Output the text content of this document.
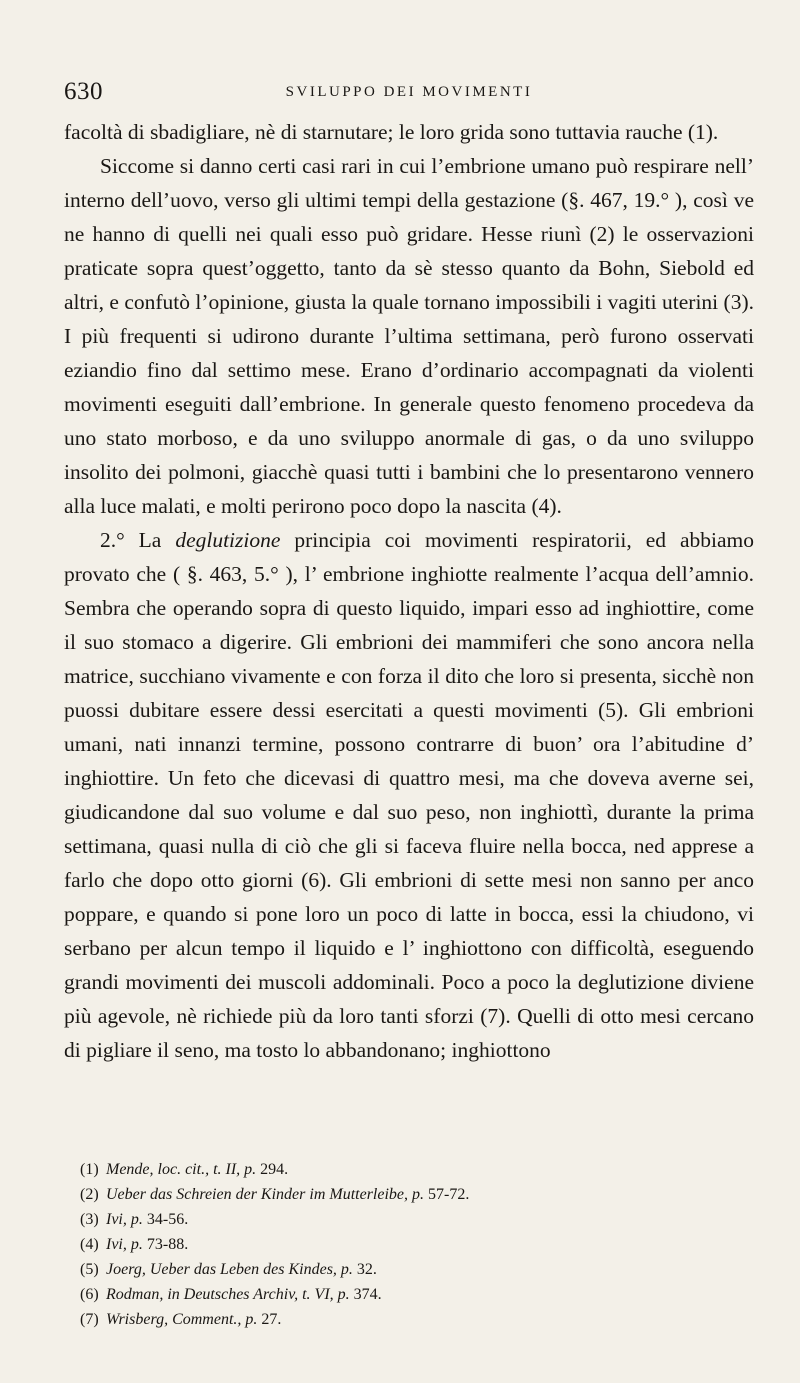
630	SVILUPPO DEI MOVIMENTI

facoltà di sbadigliare, nè di starnutare; le loro grida sono tuttavia rauche (1).

Siccome si danno certi casi rari in cui l’embrione umano può respirare nell’ interno dell’uovo, verso gli ultimi tempi della gestazione (§. 467, 19.° ), così ve ne hanno di quelli nei quali esso può gridare. Hesse riunì (2) le osservazioni praticate sopra quest’oggetto, tanto da sè stesso quanto da Bohn, Siebold ed altri, e confutò l’opinione, giusta la quale tornano impossibili i vagiti uterini (3). I più frequenti si udirono durante l’ultima settimana, però furono osservati eziandio fino dal settimo mese. Erano d’ordinario accompagnati da violenti movimenti eseguiti dall’embrione. In generale questo fenomeno procedeva da uno stato morboso, e da uno sviluppo anormale di gas, o da uno sviluppo insolito dei polmoni, giacchè quasi tutti i bambini che lo presentarono vennero alla luce malati, e molti perirono poco dopo la nascita (4).

2.° La deglutizione principia coi movimenti respiratorii, ed abbiamo provato che ( §. 463, 5.° ), l’ embrione inghiotte realmente l’acqua dell’amnio. Sembra che operando sopra di questo liquido, impari esso ad inghiottire, come il suo stomaco a digerire. Gli embrioni dei mammiferi che sono ancora nella matrice, succhiano vivamente e con forza il dito che loro si presenta, sicchè non puossi dubitare essere dessi esercitati a questi movimenti (5). Gli embrioni umani, nati innanzi termine, possono contrarre di buon’ ora l’abitudine d’ inghiottire. Un feto che dicevasi di quattro mesi, ma che doveva averne sei, giudicandone dal suo volume e dal suo peso, non inghiottì, durante la prima settimana, quasi nulla di ciò che gli si faceva fluire nella bocca, ned apprese a farlo che dopo otto giorni (6). Gli embrioni di sette mesi non sanno per anco poppare, e quando si pone loro un poco di latte in bocca, essi la chiudono, vi serbano per alcun tempo il liquido e l’ inghiottono con difficoltà, eseguendo grandi movimenti dei muscoli addominali. Poco a poco la deglutizione diviene più agevole, nè richiede più da loro tanti sforzi (7). Quelli di otto mesi cercano di pigliare il seno, ma tosto lo abbandonano; inghiottono

(1) Mende, loc. cit., t. II, p. 294.
(2) Ueber das Schreien der Kinder im Mutterleibe, p. 57-72.
(3) Ivi, p. 34-56.
(4) Ivi, p. 73-88.
(5) Joerg, Ueber das Leben des Kindes, p. 32.
(6) Rodman, in Deutsches Archiv, t. VI, p. 374.
(7) Wrisberg, Comment., p. 27.
